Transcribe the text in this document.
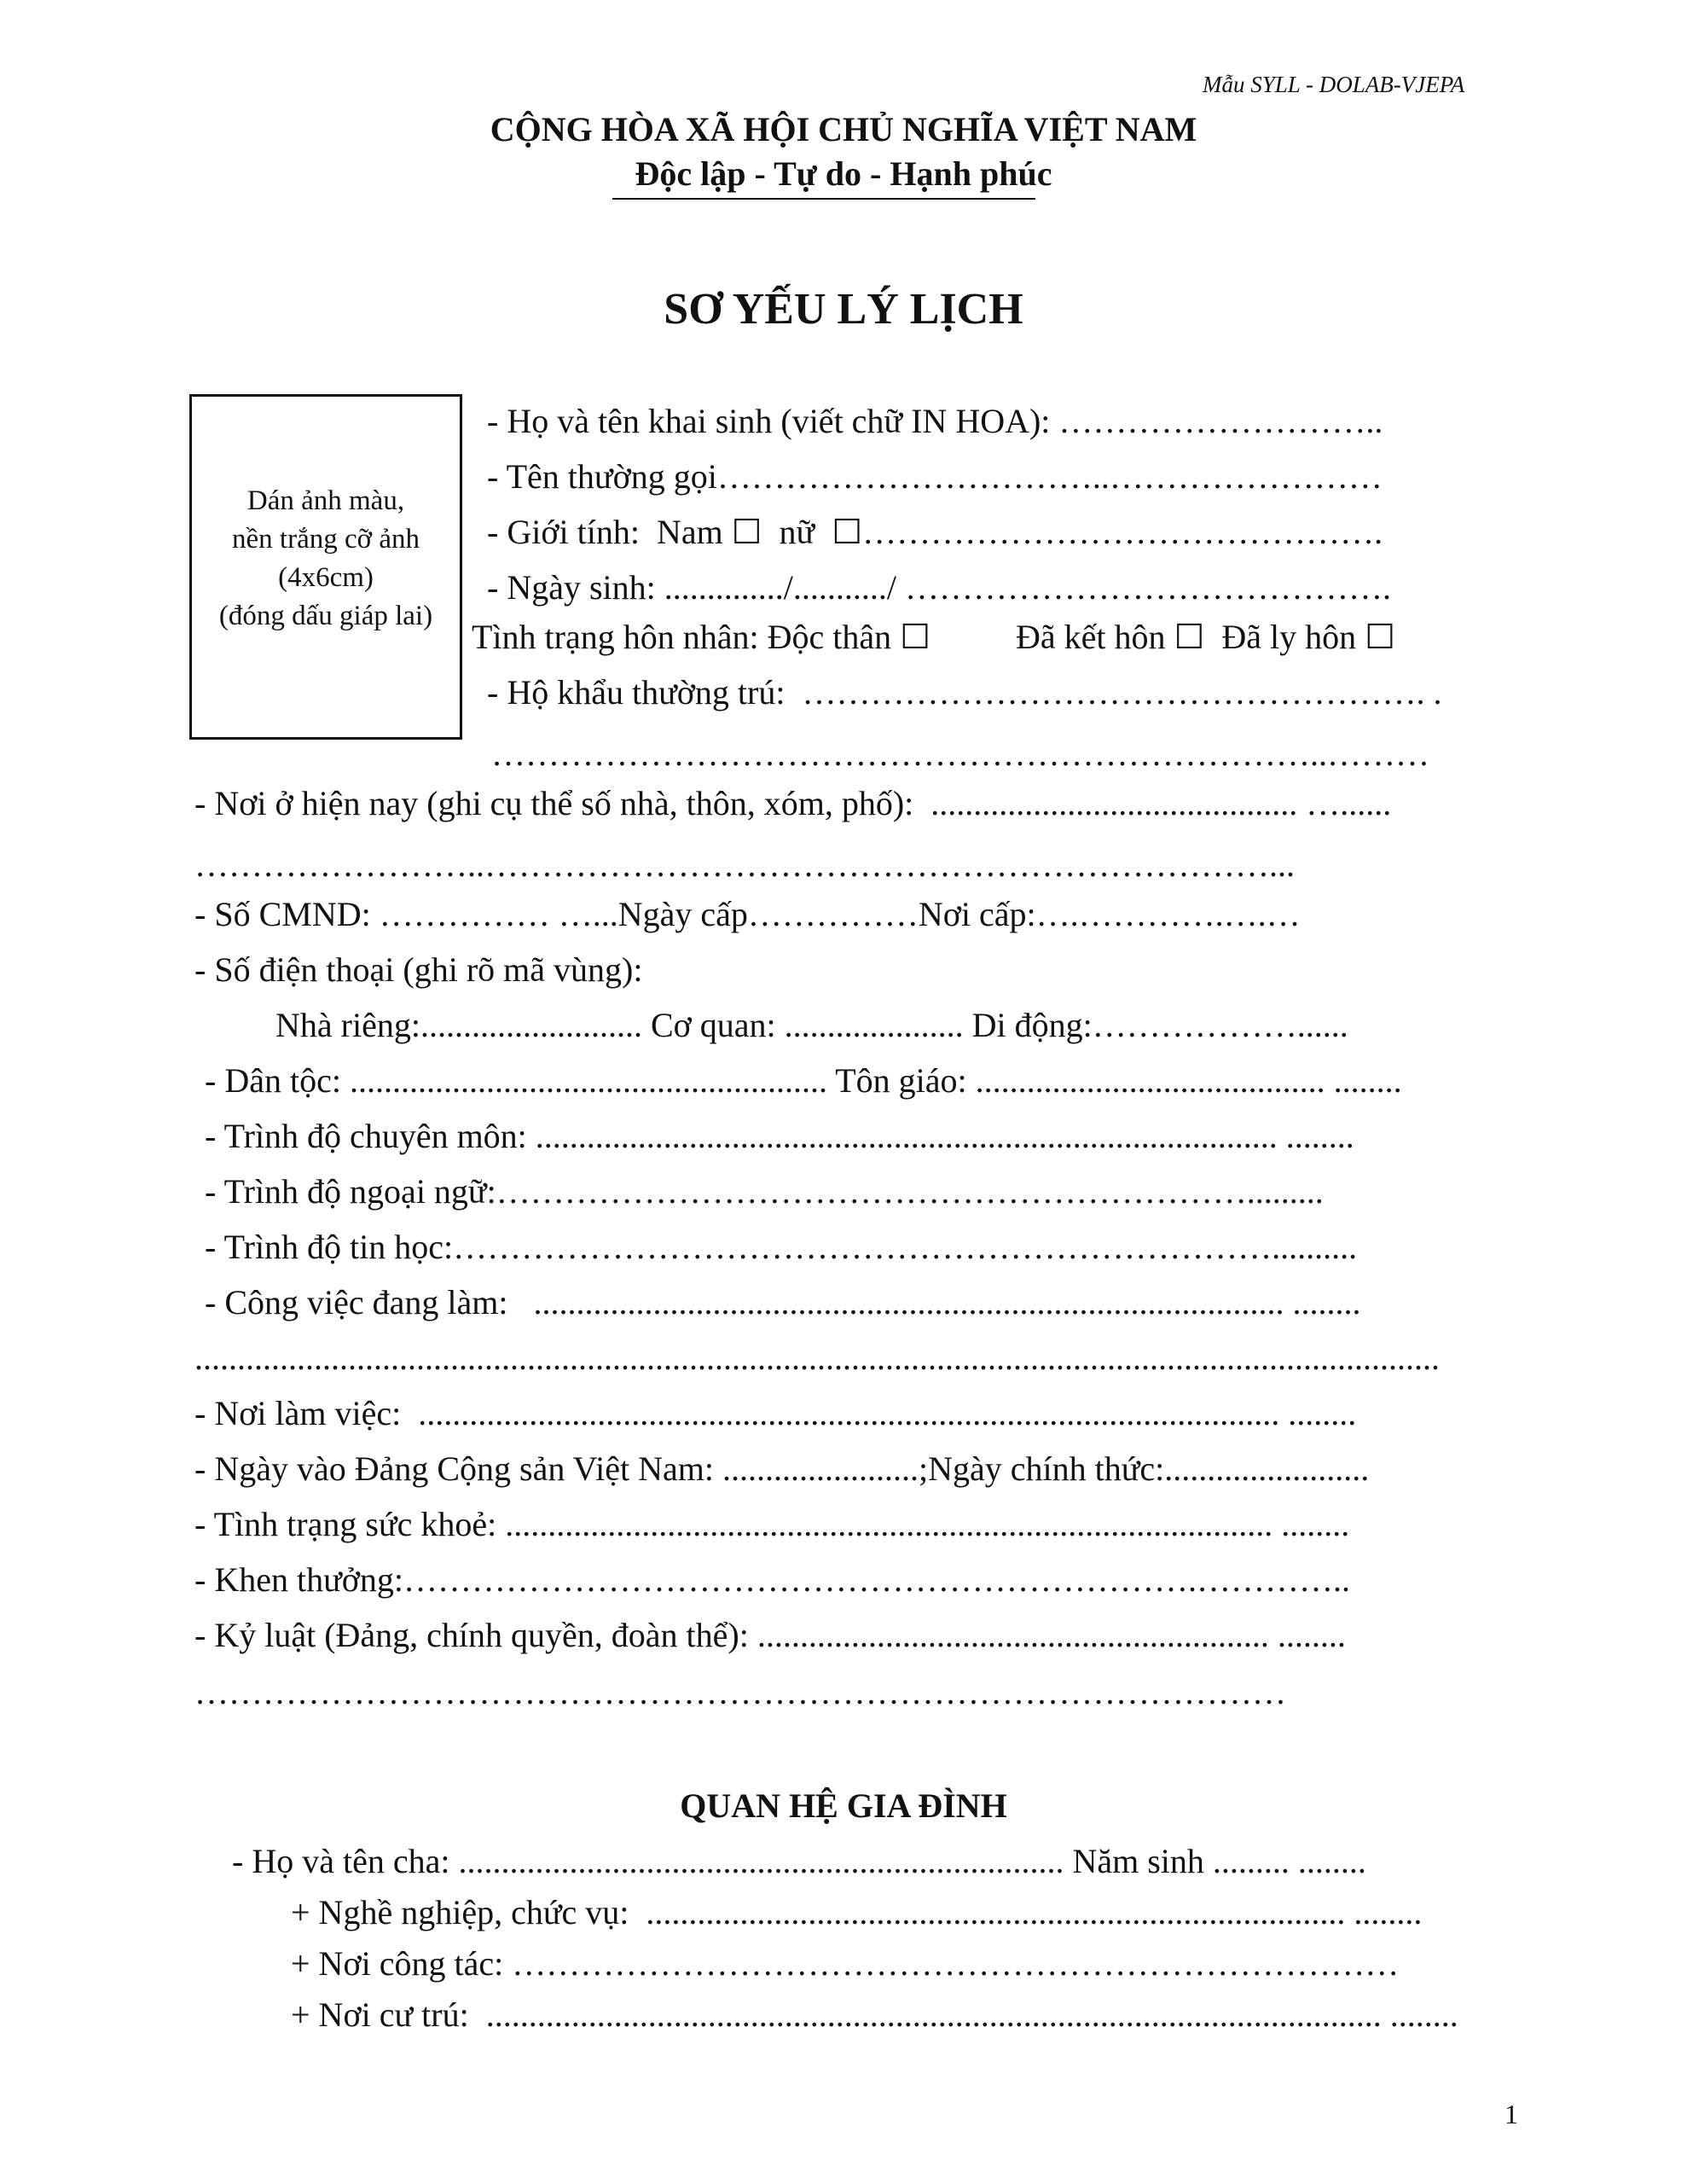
Mẫu SYLL - DOLAB-VJEPA
CỘNG HÒA XÃ HỘI CHỦ NGHĨA VIỆT NAM
Độc lập - Tự do - Hạnh phúc
SƠ YẾU LÝ LỊCH
Dán ảnh màu,
nền trắng cỡ ảnh
(4x6cm)
(đóng dấu giáp lai)
- Họ và tên khai sinh (viết chữ IN HOA): ………………………..
- Tên thường gọi……………………………..……………………
- Giới tính:  Nam ☐  nữ  ☐……………………………………….
- Ngày sinh: ............../.........../ …………………………………….
Tình trạng hôn nhân: Độc thân ☐          Đã kết hôn ☐  Đã ly hôn ☐
- Hộ khẩu thường trú:  ………………………………………………. .
………………………………………………………………..………
- Nơi ở hiện nay (ghi cụ thể số nhà, thôn, xóm, phố):  ........................................... …......
……………………..……………………………………………………………...
- Số CMND: …………… …...Ngày cấp……………Nơi cấp:….………….….…
- Số điện thoại (ghi rõ mã vùng):
Nhà riêng:.......................... Cơ quan: ..................... Di động:………………......
- Dân tộc: ........................................................ Tôn giáo: ......................................... ........
- Trình độ chuyên môn: ....................................................................................... ........
- Trình độ ngoại ngữ:………………………………………………………….........
- Trình độ tin học:………………………………………………………………..........
- Công việc đang làm:   ........................................................................................ ........
..................................................................................................................................................
- Nơi làm việc:  ..................................................................................................... ........
- Ngày vào Đảng Cộng sản Việt Nam: .......................;Ngày chính thức:........................
- Tình trạng sức khoẻ: .......................................................................................... ........
- Khen thưởng:…………………………………………………………….…………..
- Kỷ luật (Đảng, chính quyền, đoàn thể): ............................................................ ........
……………………………………………………………………………………
QUAN HỆ GIA ĐÌNH
- Họ và tên cha: ....................................................................... Năm sinh ......... ........
+ Nghề nghiệp, chức vụ:  .................................................................................. ........
+ Nơi công tác: ……………………………………………………………………
+ Nơi cư trú:  ......................................................................................................... ........
1
